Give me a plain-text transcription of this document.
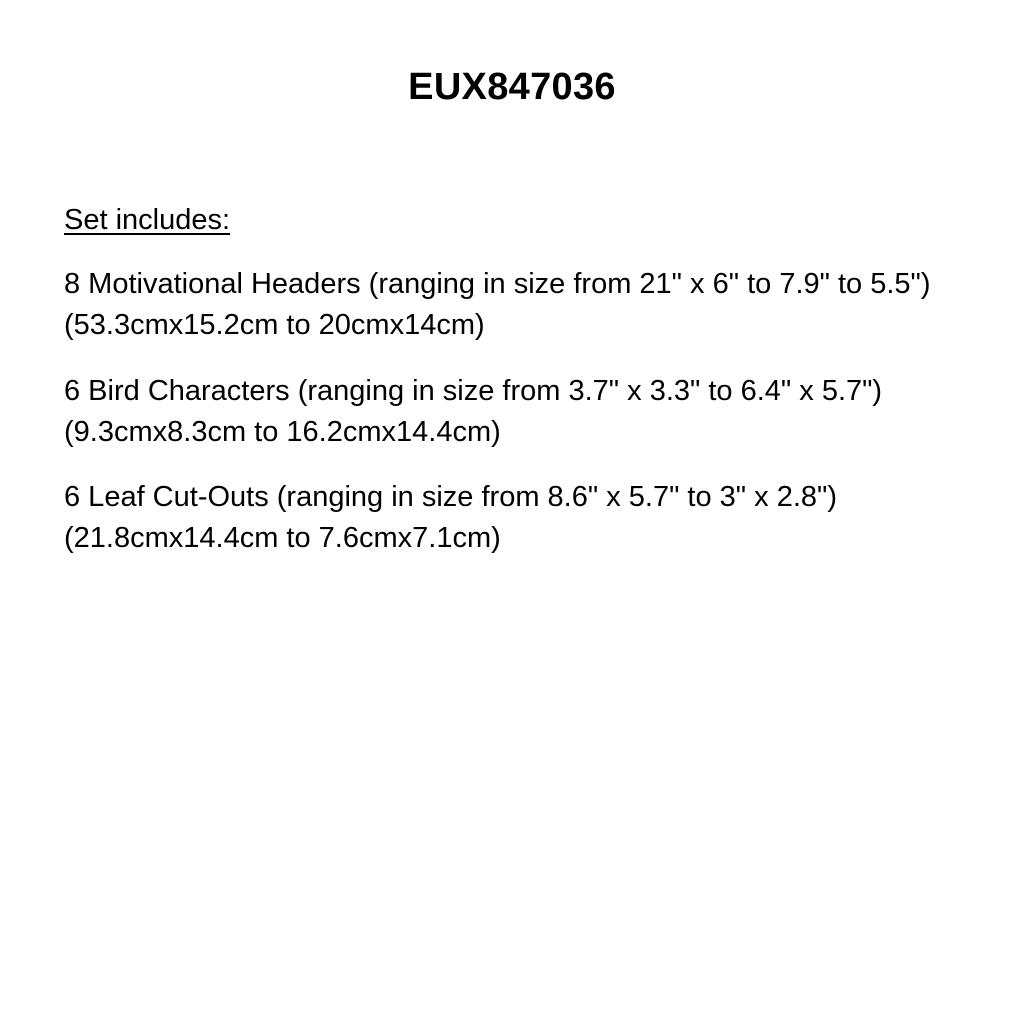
EUX847036
Set includes:

8 Motivational Headers (ranging in size from 21" x 6" to 7.9" to 5.5")(53.3cmx15.2cm to 20cmx14cm)

6 Bird Characters (ranging in size from 3.7" x 3.3" to 6.4" x 5.7") (9.3cmx8.3cm to 16.2cmx14.4cm)

6 Leaf Cut-Outs (ranging in size from 8.6" x 5.7" to 3" x 2.8")(21.8cmx14.4cm to 7.6cmx7.1cm)
